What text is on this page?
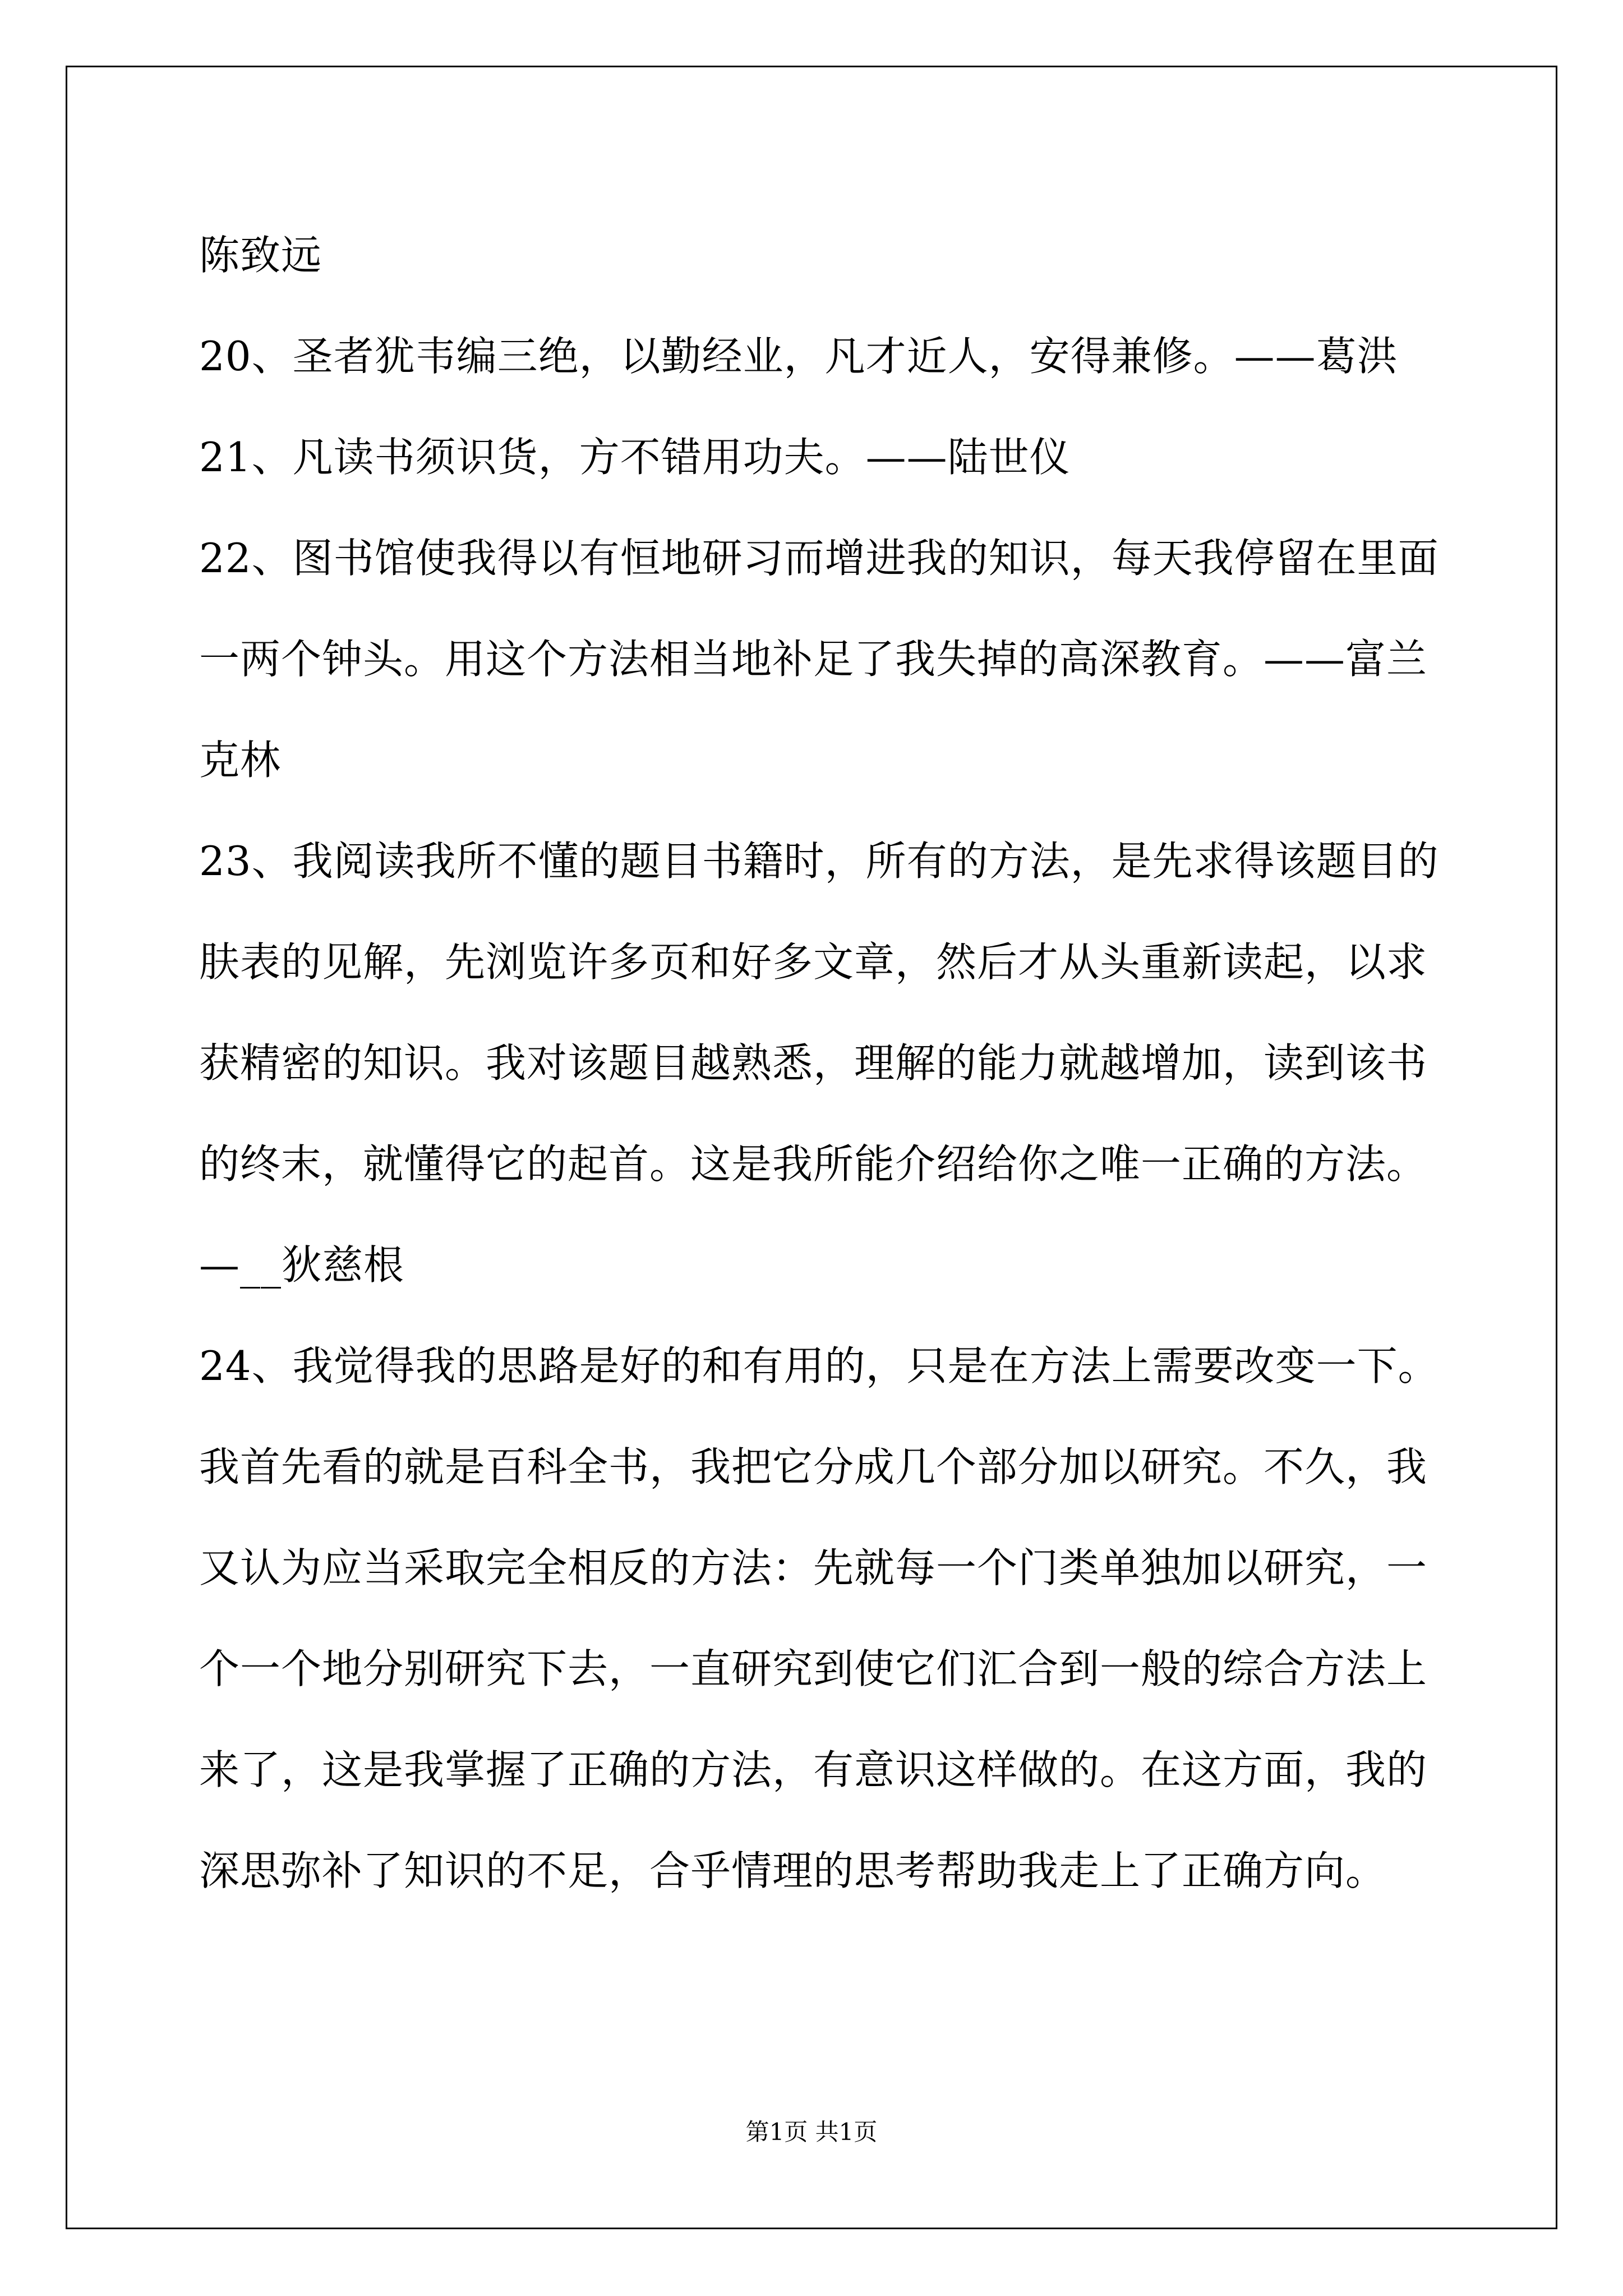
陈致远
20、圣者犹韦编三绝，以勤经业，凡才近人，安得兼修。——葛洪
21、凡读书须识货，方不错用功夫。——陆世仪
22、图书馆使我得以有恒地研习而增进我的知识，每天我停留在里面
一两个钟头。用这个方法相当地补足了我失掉的高深教育。——富兰
克林
23、我阅读我所不懂的题目书籍时，所有的方法，是先求得该题目的
肤表的见解，先浏览许多页和好多文章，然后才从头重新读起，以求
获精密的知识。我对该题目越熟悉，理解的能力就越增加，读到该书
的终末，就懂得它的起首。这是我所能介绍给你之唯一正确的方法。
—__狄慈根
24、我觉得我的思路是好的和有用的，只是在方法上需要改变一下。
我首先看的就是百科全书，我把它分成几个部分加以研究。不久，我
又认为应当采取完全相反的方法：先就每一个门类单独加以研究，一
个一个地分别研究下去，一直研究到使它们汇合到一般的综合方法上
来了，这是我掌握了正确的方法，有意识这样做的。在这方面，我的
深思弥补了知识的不足，合乎情理的思考帮助我走上了正确方向。
第1页 共1页
